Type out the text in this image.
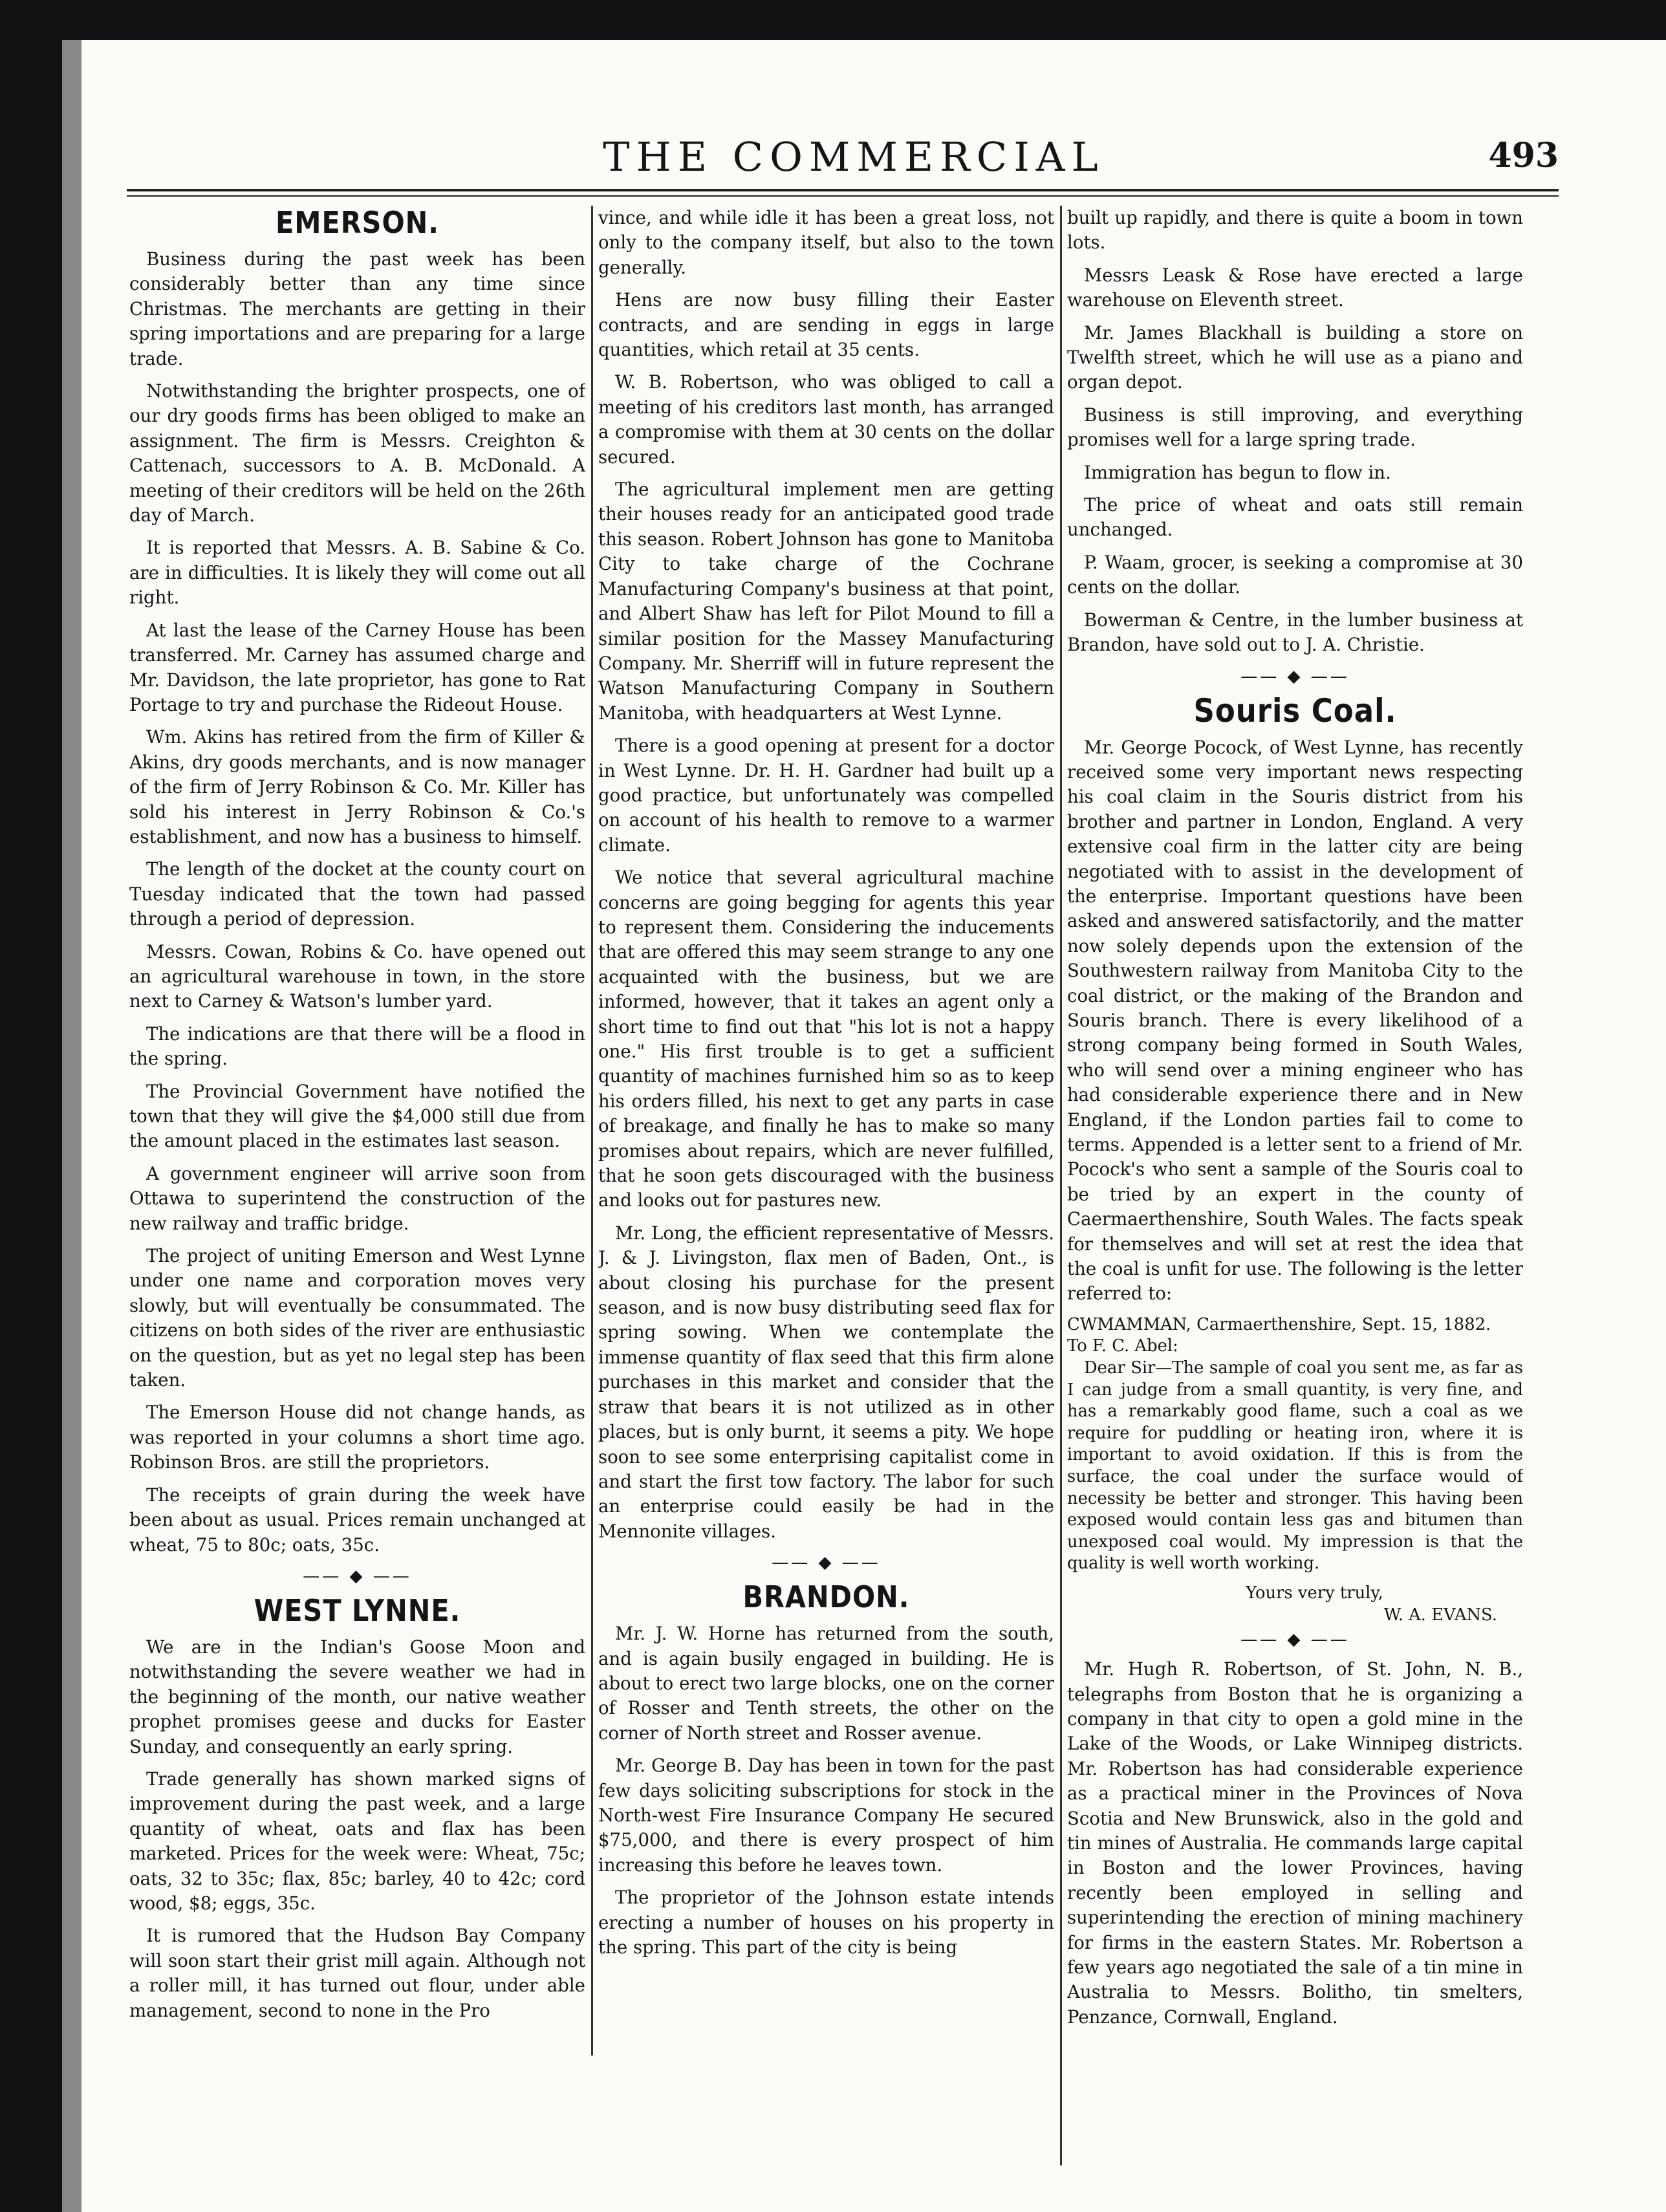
THE COMMERCIAL	493
EMERSON.

Business during the past week has been considerably better than any time since Christmas. The merchants are getting in their spring importations and are preparing for a large trade.

Notwithstanding the brighter prospects, one of our dry goods firms has been obliged to make an assignment. The firm is Messrs. Creighton & Cattenach, successors to A. B. McDonald. A meeting of their creditors will be held on the 26th day of March.

It is reported that Messrs. A. B. Sabine & Co. are in difficulties. It is likely they will come out all right.

At last the lease of the Carney House has been transferred. Mr. Carney has assumed charge and Mr. Davidson, the late proprietor, has gone to Rat Portage to try and purchase the Rideout House.

Wm. Akins has retired from the firm of Killer & Akins, dry goods merchants, and is now manager of the firm of Jerry Robinson & Co. Mr. Killer has sold his interest in Jerry Robinson & Co.'s establishment, and now has a business to himself.

The length of the docket at the county court on Tuesday indicated that the town had passed through a period of depression.

Messrs. Cowan, Robins & Co. have opened out an agricultural warehouse in town, in the store next to Carney & Watson's lumber yard.

The indications are that there will be a flood in the spring.

The Provincial Government have notified the town that they will give the $4,000 still due from the amount placed in the estimates last season.

A government engineer will arrive soon from Ottawa to superintend the construction of the new railway and traffic bridge.

The project of uniting Emerson and West Lynne under one name and corporation moves very slowly, but will eventually be consummated. The citizens on both sides of the river are enthusiastic on the question, but as yet no legal step has been taken.

The Emerson House did not change hands, as was reported in your columns a short time ago. Robinson Bros. are still the proprietors.

The receipts of grain during the week have been about as usual. Prices remain unchanged at wheat, 75 to 80c; oats, 35c.

—— ◆ ——
WEST LYNNE.

We are in the Indian's Goose Moon and notwithstanding the severe weather we had in the beginning of the month, our native weather prophet promises geese and ducks for Easter Sunday, and consequently an early spring.

Trade generally has shown marked signs of improvement during the past week, and a large quantity of wheat, oats and flax has been marketed. Prices for the week were: Wheat, 75c; oats, 32 to 35c; flax, 85c; barley, 40 to 42c; cord wood, $8; eggs, 35c.

It is rumored that the Hudson Bay Company will soon start their grist mill again. Although not a roller mill, it has turned out flour, under able management, second to none in the Pro

vince, and while idle it has been a great loss, not only to the company itself, but also to the town generally.

Hens are now busy filling their Easter contracts, and are sending in eggs in large quantities, which retail at 35 cents.

W. B. Robertson, who was obliged to call a meeting of his creditors last month, has arranged a compromise with them at 30 cents on the dollar secured.

The agricultural implement men are getting their houses ready for an anticipated good trade this season. Robert Johnson has gone to Manitoba City to take charge of the Cochrane Manufacturing Company's business at that point, and Albert Shaw has left for Pilot Mound to fill a similar position for the Massey Manufacturing Company. Mr. Sherriff will in future represent the Watson Manufacturing Company in Southern Manitoba, with headquarters at West Lynne.

There is a good opening at present for a doctor in West Lynne. Dr. H. H. Gardner had built up a good practice, but unfortunately was compelled on account of his health to remove to a warmer climate.

We notice that several agricultural machine concerns are going begging for agents this year to represent them. Considering the inducements that are offered this may seem strange to any one acquainted with the business, but we are informed, however, that it takes an agent only a short time to find out that "his lot is not a happy one." His first trouble is to get a sufficient quantity of machines furnished him so as to keep his orders filled, his next to get any parts in case of breakage, and finally he has to make so many promises about repairs, which are never fulfilled, that he soon gets discouraged with the business and looks out for pastures new.

Mr. Long, the efficient representative of Messrs. J. & J. Livingston, flax men of Baden, Ont., is about closing his purchase for the present season, and is now busy distributing seed flax for spring sowing. When we contemplate the immense quantity of flax seed that this firm alone purchases in this market and consider that the straw that bears it is not utilized as in other places, but is only burnt, it seems a pity. We hope soon to see some enterprising capitalist come in and start the first tow factory. The labor for such an enterprise could easily be had in the Mennonite villages.

—— ◆ ——
BRANDON.

Mr. J. W. Horne has returned from the south, and is again busily engaged in building. He is about to erect two large blocks, one on the corner of Rosser and Tenth streets, the other on the corner of North street and Rosser avenue.

Mr. George B. Day has been in town for the past few days soliciting subscriptions for stock in the North-west Fire Insurance Company He secured $75,000, and there is every prospect of him increasing this before he leaves town.

The proprietor of the Johnson estate intends erecting a number of houses on his property in the spring. This part of the city is being

built up rapidly, and there is quite a boom in town lots.

Messrs Leask & Rose have erected a large warehouse on Eleventh street.

Mr. James Blackhall is building a store on Twelfth street, which he will use as a piano and organ depot.

Business is still improving, and everything promises well for a large spring trade.

Immigration has begun to flow in.

The price of wheat and oats still remain unchanged.

P. Waam, grocer, is seeking a compromise at 30 cents on the dollar.

Bowerman & Centre, in the lumber business at Brandon, have sold out to J. A. Christie.

—— ◆ ——
Souris Coal.

Mr. George Pocock, of West Lynne, has recently received some very important news respecting his coal claim in the Souris district from his brother and partner in London, England. A very extensive coal firm in the latter city are being negotiated with to assist in the development of the enterprise. Important questions have been asked and answered satisfactorily, and the matter now solely depends upon the extension of the Southwestern railway from Manitoba City to the coal district, or the making of the Brandon and Souris branch. There is every likelihood of a strong company being formed in South Wales, who will send over a mining engineer who has had considerable experience there and in New England, if the London parties fail to come to terms. Appended is a letter sent to a friend of Mr. Pocock's who sent a sample of the Souris coal to be tried by an expert in the county of Caermaerthenshire, South Wales. The facts speak for themselves and will set at rest the idea that the coal is unfit for use. The following is the letter referred to:

CWMAMMAN, Carmaerthenshire, Sept. 15, 1882.
To F. C. Abel:

Dear Sir—The sample of coal you sent me, as far as I can judge from a small quantity, is very fine, and has a remarkably good flame, such a coal as we require for puddling or heating iron, where it is important to avoid oxidation. If this is from the surface, the coal under the surface would of necessity be better and stronger. This having been exposed would contain less gas and bitumen than unexposed coal would. My impression is that the quality is well worth working.

Yours very truly,
W. A. EVANS.
—— ◆ ——

Mr. Hugh R. Robertson, of St. John, N. B., telegraphs from Boston that he is organizing a company in that city to open a gold mine in the Lake of the Woods, or Lake Winnipeg districts. Mr. Robertson has had considerable experience as a practical miner in the Provinces of Nova Scotia and New Brunswick, also in the gold and tin mines of Australia. He commands large capital in Boston and the lower Provinces, having recently been employed in selling and superintending the erection of mining machinery for firms in the eastern States. Mr. Robertson a few years ago negotiated the sale of a tin mine in Australia to Messrs. Bolitho, tin smelters, Penzance, Cornwall, England.
